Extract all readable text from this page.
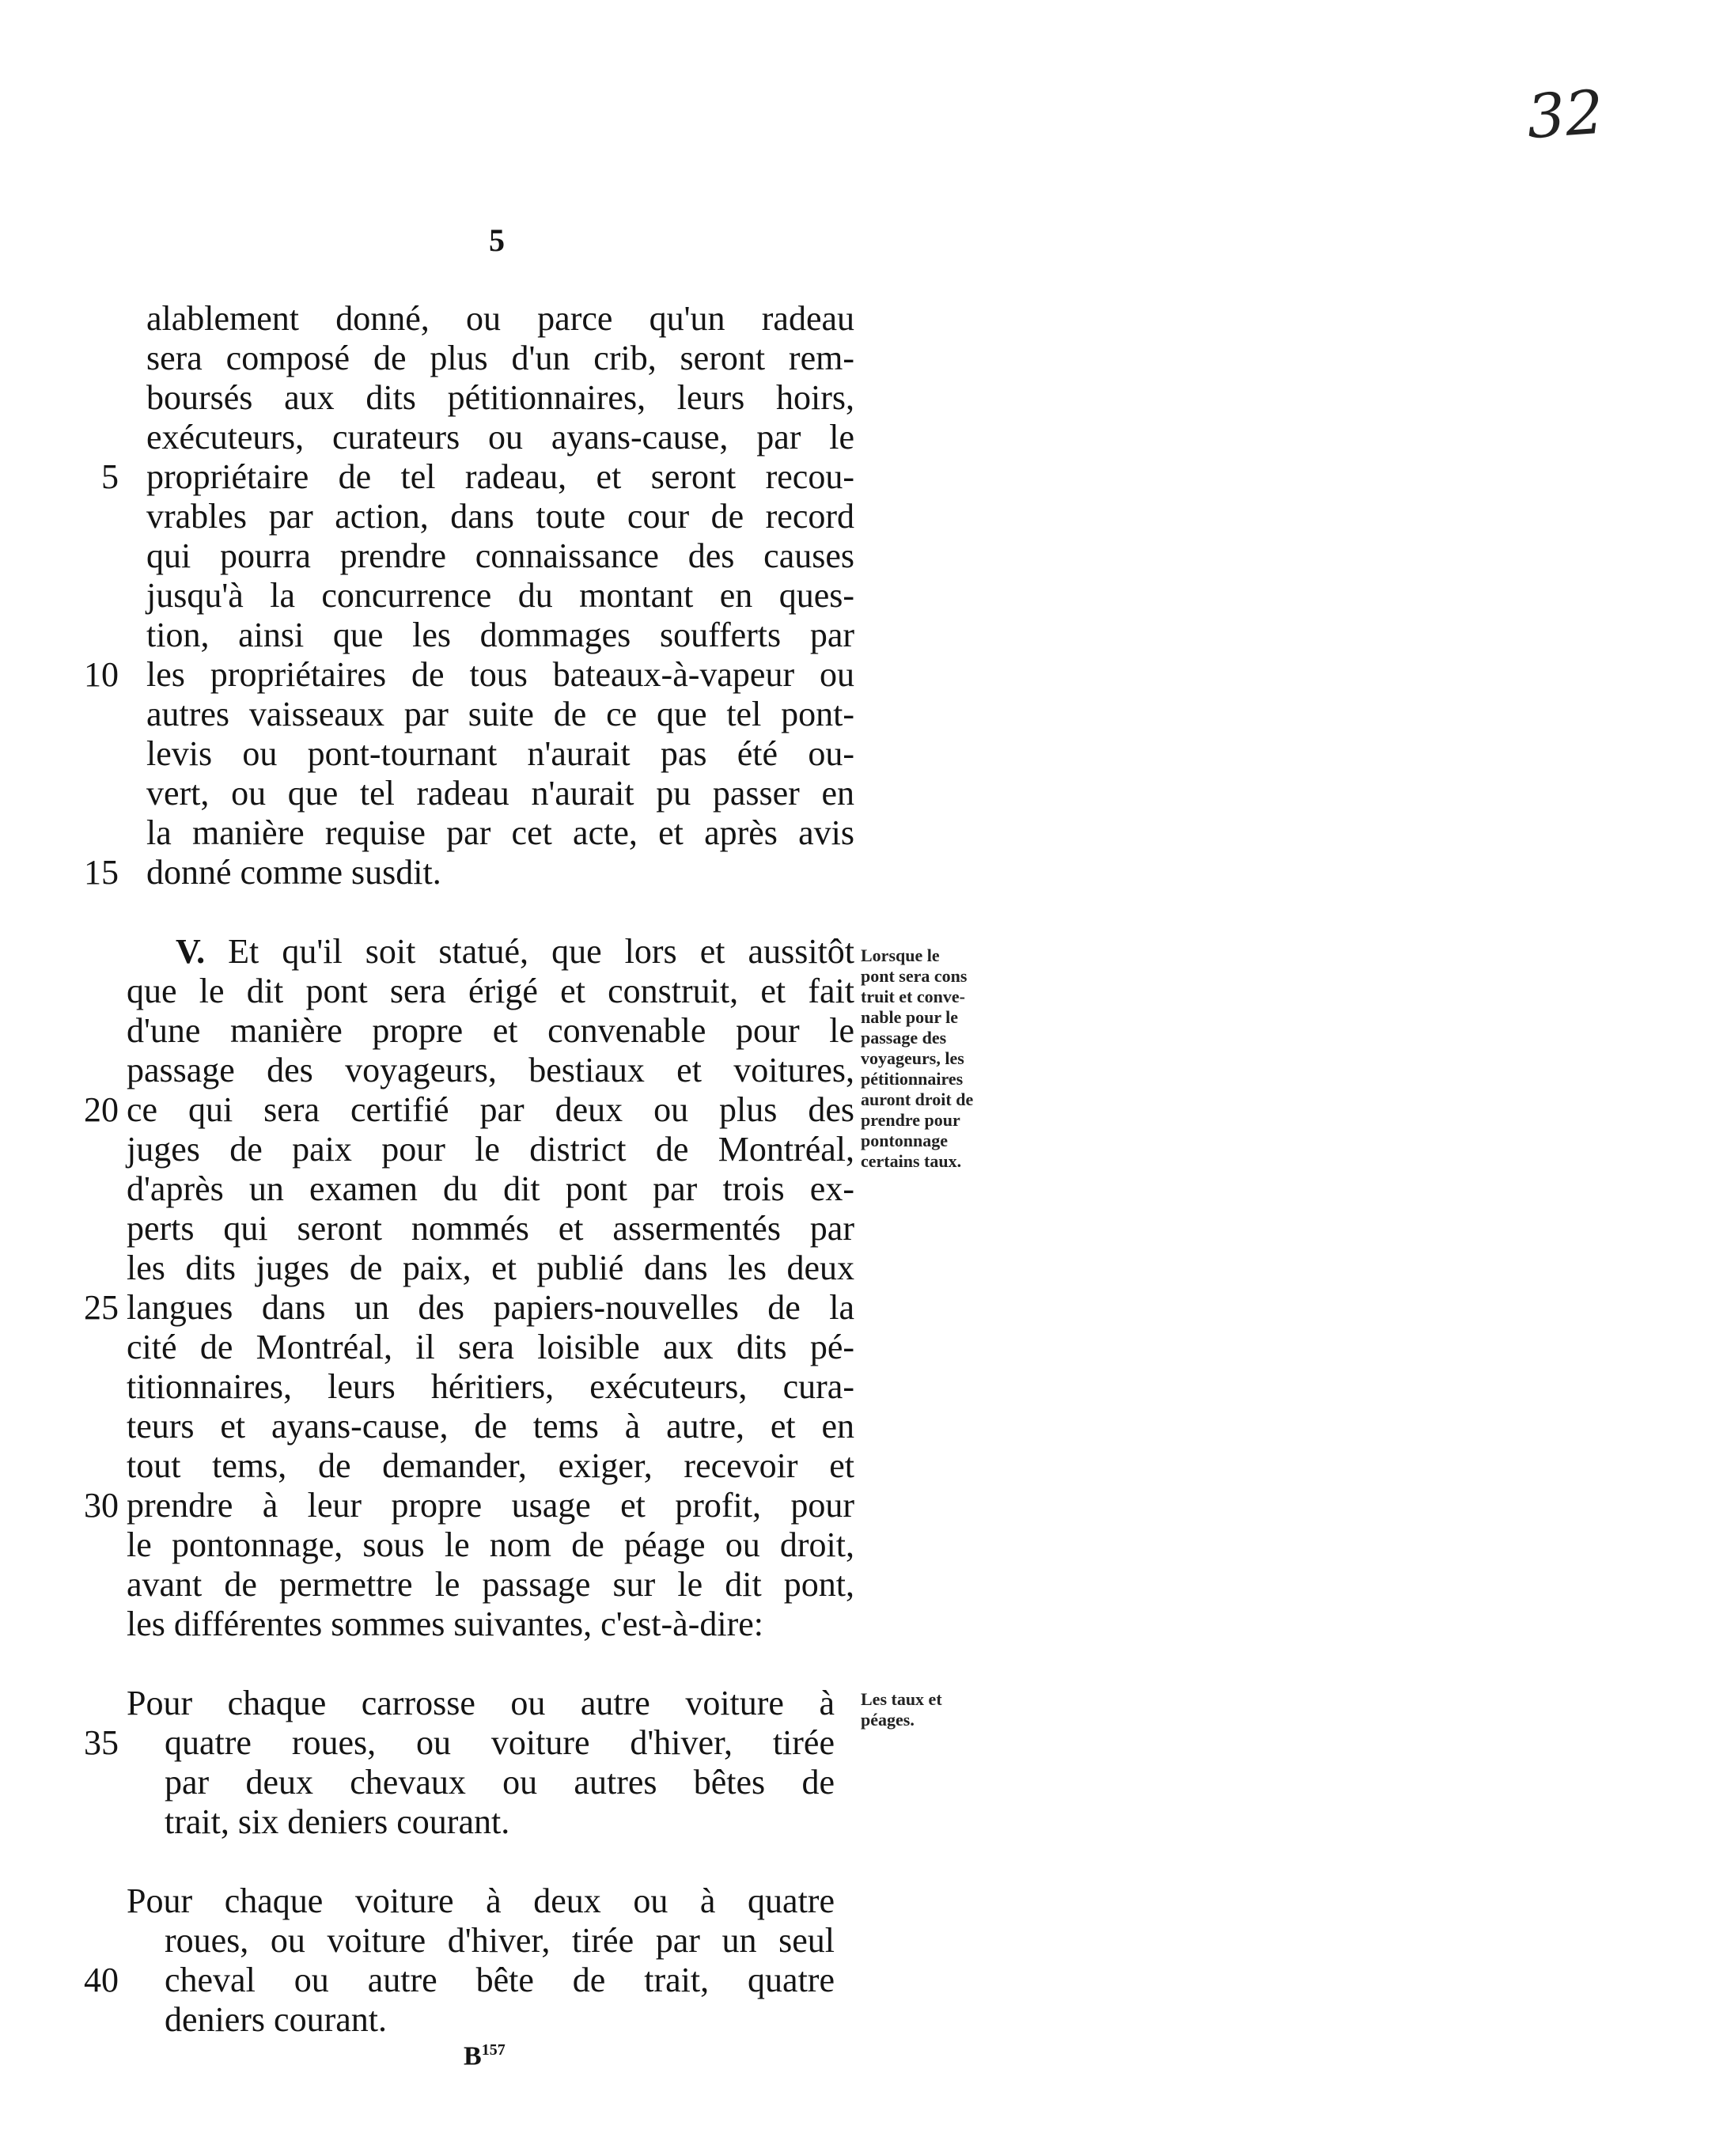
32
5
alablement donné, ou parce qu'un radeau
sera composé de plus d'un crib, seront rem-
boursés aux dits pétitionnaires, leurs hoirs,
exécuteurs, curateurs ou ayans-cause, par le
propriétaire de tel radeau, et seront recou-
vrables par action, dans toute cour de record
qui pourra prendre connaissance des causes
jusqu'à la concurrence du montant en ques-
tion, ainsi que les dommages soufferts par
les propriétaires de tous bateaux-à-vapeur ou
autres vaisseaux par suite de ce que tel pont-
levis ou pont-tournant n'aurait pas été ou-
vert, ou que tel radeau n'aurait pu passer en
la manière requise par cet acte, et après avis
donné comme susdit.
V. Et qu'il soit statué, que lors et aussitôt
que le dit pont sera érigé et construit, et fait
d'une manière propre et convenable pour le
passage des voyageurs, bestiaux et voitures,
ce qui sera certifié par deux ou plus des
juges de paix pour le district de Montréal,
d'après un examen du dit pont par trois ex-
perts qui seront nommés et assermentés par
les dits juges de paix, et publié dans les deux
langues dans un des papiers-nouvelles de la
cité de Montréal, il sera loisible aux dits pé-
titionnaires, leurs héritiers, exécuteurs, cura-
teurs et ayans-cause, de tems à autre, et en
tout tems, de demander, exiger, recevoir et
prendre à leur propre usage et profit, pour
le pontonnage, sous le nom de péage ou droit,
avant de permettre le passage sur le dit pont,
les différentes sommes suivantes, c'est-à-dire:
Pour chaque carrosse ou autre voiture à
quatre roues, ou voiture d'hiver, tirée
par deux chevaux ou autres bêtes de
trait, six deniers courant.
Pour chaque voiture à deux ou à quatre
roues, ou voiture d'hiver, tirée par un seul
cheval ou autre bête de trait, quatre
deniers courant.
5
10
15
20
25
30
35
40
Lorsque le
pont sera cons
truit et conve-
nable pour le
passage des
voyageurs, les
pétitionnaires
auront droit de
prendre pour
pontonnage
certains taux.
Les taux et
péages.
$B^{157}$
